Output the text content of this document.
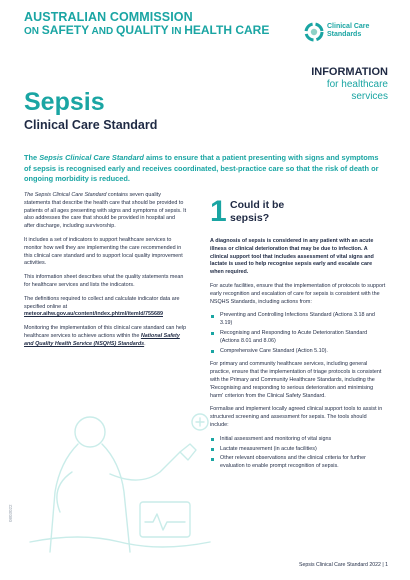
AUSTRALIAN COMMISSION
ON SAFETY AND QUALITY IN HEALTH CARE	Clinical Care
Standards
INFORMATION
for healthcare
services
Sepsis
Clinical Care Standard

The Sepsis Clinical Care Standard aims to ensure that a patient presenting with signs and symptoms of sepsis is recognised early and receives coordinated, best-practice care so that the risk of death or ongoing morbidity is reduced.

The Sepsis Clinical Care Standard contains seven quality statements that describe the health care that should be provided to patients of all ages presenting with signs and symptoms of sepsis. It also addresses the care that should be provided in hospital and after discharge, including survivorship.

It includes a set of indicators to support healthcare services to monitor how well they are implementing the care recommended in this clinical care standard and to support local quality improvement activities.

This information sheet describes what the quality statements mean for healthcare services and lists the indicators.

The definitions required to collect and calculate indicator data are specified online at meteor.aihw.gov.au/content/index.phtml/itemId/755689

Monitoring the implementation of this clinical care standard can help healthcare services to achieve actions within the National Safety and Quality Health Service (NSQHS) Standards.

1 Could it be sepsis?

A diagnosis of sepsis is considered in any patient with an acute illness or clinical deterioration that may be due to infection. A clinical support tool that includes assessment of vital signs and lactate is used to help recognise sepsis early and escalate care when required.

For acute facilities, ensure that the implementation of protocols to support early recognition and escalation of care for sepsis is consistent with the NSQHS Standards, including actions from:

Preventing and Controlling Infections Standard (Actions 3.18 and 3.19)
Recognising and Responding to Acute Deterioration Standard (Actions 8.01 and 8.06)
Comprehensive Care Standard (Action 5.10).

For primary and community healthcare services, including general practice, ensure that the implementation of triage protocols is consistent with the Primary and Community Healthcare Standards, including the 'Recognising and responding to serious deterioration and minimising harm' criterion from the Clinical Safety Standard.

Formalise and implement locally agreed clinical support tools to assist in structured screening and assessment for sepsis. The tools should include:

Initial assessment and monitoring of vital signs
Lactate measurement (in acute facilities)
Other relevant observations and the clinical criteria for further evaluation to enable prompt recognition of sepsis.
0803022
Sepsis Clinical Care Standard 2022 | 1
